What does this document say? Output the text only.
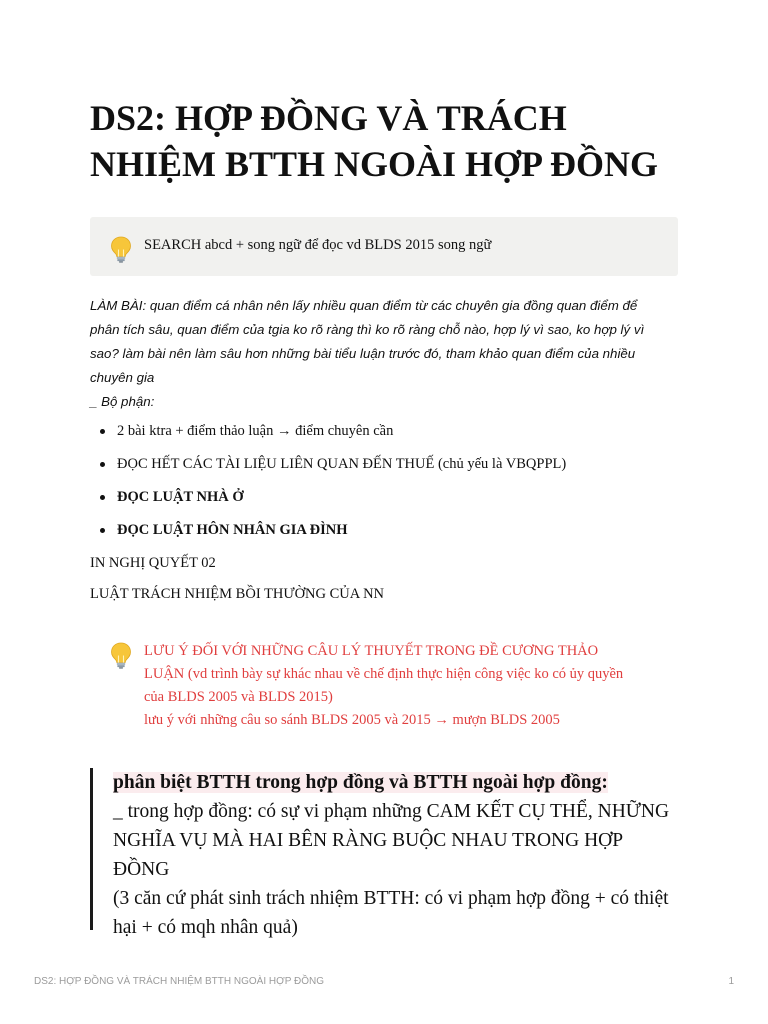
DS2: HỢP ĐỒNG VÀ TRÁCH NHIỆM BTTH NGOÀI HỢP ĐỒNG
SEARCH abcd + song ngữ để đọc vd BLDS 2015 song ngữ
LÀM BÀI: quan điểm cá nhân nên lấy nhiều quan điểm từ các chuyên gia đồng quan điểm để
phân tích sâu, quan điểm của tgia ko rõ ràng thì ko rõ ràng chỗ nào, hợp lý vì sao, ko hợp lý vì
sao? làm bài nên làm sâu hơn những bài tiểu luận trước đó, tham khảo quan điểm của nhiều
chuyên gia
_ Bộ phận:
2 bài ktra + điểm thảo luận → điểm chuyên cần
ĐỌC HẾT CÁC TÀI LIỆU LIÊN QUAN ĐẾN THUẾ (chủ yếu là VBQPPL)
ĐỌC LUẬT NHÀ Ở
ĐỌC LUẬT HÔN NHÂN GIA ĐÌNH
IN NGHỊ QUYẾT 02
LUẬT TRÁCH NHIỆM BỒI THƯỜNG CỦA NN
LƯU Ý ĐỐI VỚI NHỮNG CÂU LÝ THUYẾT TRONG ĐỀ CƯƠNG THẢO
LUẬN (vd trình bày sự khác nhau về chế định thực hiện công việc ko có ủy quyền
của BLDS 2005 và BLDS 2015)
lưu ý với những câu so sánh BLDS 2005 và 2015 → mượn BLDS 2005
phân biệt BTTH trong hợp đồng và BTTH ngoài hợp đồng:
_ trong hợp đồng: có sự vi phạm những CAM KẾT CỤ THỂ, NHỮNG
NGHĨA VỤ MÀ HAI BÊN RÀNG BUỘC NHAU TRONG HỢP ĐỒNG
(3 căn cứ phát sinh trách nhiệm BTTH: có vi phạm hợp đồng + có thiệt
hại + có mqh nhân quả)
DS2: HỢP ĐỒNG VÀ TRÁCH NHIỆM BTTH NGOÀI HỢP ĐỒNG	1
